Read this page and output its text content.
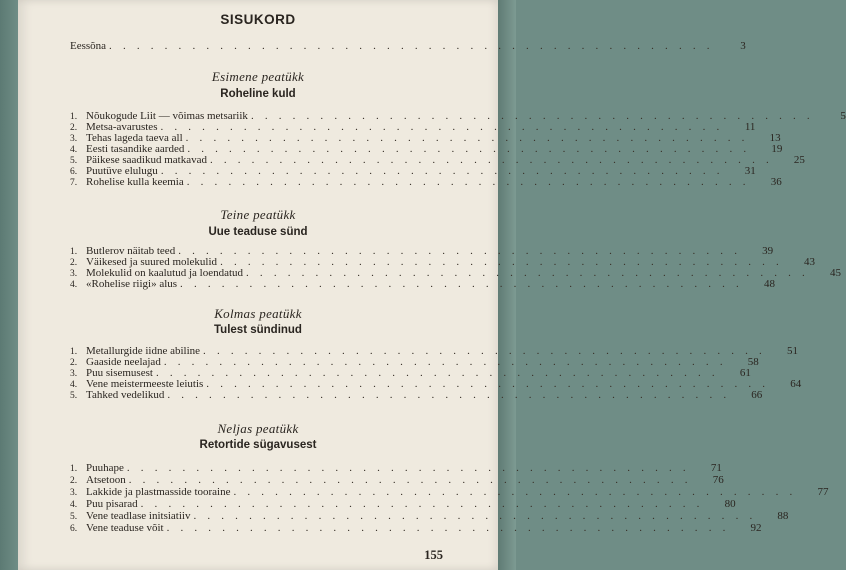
SISUKORD
Eessõna . . . . . . . . . . . . . . . . . . . . . . . . . . . . . . . . . . . . . . . . . . . .	3
Esimene peatükk
Roheline kuld
1. Nõukogude Liit — võimas metsariik . . . . . . . . . . . . . . . . . . . . . . . . . . . . . . . . . . . . . . . . .	5
2. Metsa-avarustes . . . . . . . . . . . . . . . . . . . . . . . . . . . . . . . . . . . . . . . . .	11
3. Tehas lageda taeva all . . . . . . . . . . . . . . . . . . . . . . . . . . . . . . . . . . . . . . . . .	13
4. Eesti tasandike aarded . . . . . . . . . . . . . . . . . . . . . . . . . . . . . . . . . . . . . . . . .	19
5. Päikese saadikud matkavad . . . . . . . . . . . . . . . . . . . . . . . . . . . . . . . . . . . . . . . . .	25
6. Puutüve elulugu . . . . . . . . . . . . . . . . . . . . . . . . . . . . . . . . . . . . . . . . .	31
7. Rohelise kulla keemia . . . . . . . . . . . . . . . . . . . . . . . . . . . . . . . . . . . . . . . . .	36
Teine peatükk
Uue teaduse sünd
1. Butlerov näitab teed . . . . . . . . . . . . . . . . . . . . . . . . . . . . . . . . . . . . . . . . .	39
2. Väikesed ja suured molekulid . . . . . . . . . . . . . . . . . . . . . . . . . . . . . . . . . . . . . . . . .	43
3. Molekulid on kaalutud ja loendatud . . . . . . . . . . . . . . . . . . . . . . . . . . . . . . . . . . . . . . . . .	45
4. «Rohelise riigi» alus . . . . . . . . . . . . . . . . . . . . . . . . . . . . . . . . . . . . . . . . .	48
Kolmas peatükk
Tulest sündinud
1. Metallurgide iidne abiline . . . . . . . . . . . . . . . . . . . . . . . . . . . . . . . . . . . . . . . . .	51
2. Gaaside neelajad . . . . . . . . . . . . . . . . . . . . . . . . . . . . . . . . . . . . . . . . .	58
3. Puu sisemusest . . . . . . . . . . . . . . . . . . . . . . . . . . . . . . . . . . . . . . . . .	61
4. Vene meistermeeste leiutis . . . . . . . . . . . . . . . . . . . . . . . . . . . . . . . . . . . . . . . . .	64
5. Tahked vedelikud . . . . . . . . . . . . . . . . . . . . . . . . . . . . . . . . . . . . . . . . .	66
Neljas peatükk
Retortide sügavusest
1. Puuhape . . . . . . . . . . . . . . . . . . . . . . . . . . . . . . . . . . . . . . . . .	71
2. Atsetoon . . . . . . . . . . . . . . . . . . . . . . . . . . . . . . . . . . . . . . . . .	76
3. Lakkide ja plastmasside tooraine . . . . . . . . . . . . . . . . . . . . . . . . . . . . . . . . . . . . . . . . .	77
4. Puu pisarad . . . . . . . . . . . . . . . . . . . . . . . . . . . . . . . . . . . . . . . . .	80
5. Vene teadlase initsiatiiv . . . . . . . . . . . . . . . . . . . . . . . . . . . . . . . . . . . . . . . . .	88
6. Vene teaduse võit . . . . . . . . . . . . . . . . . . . . . . . . . . . . . . . . . . . . . . . . .	92
155
